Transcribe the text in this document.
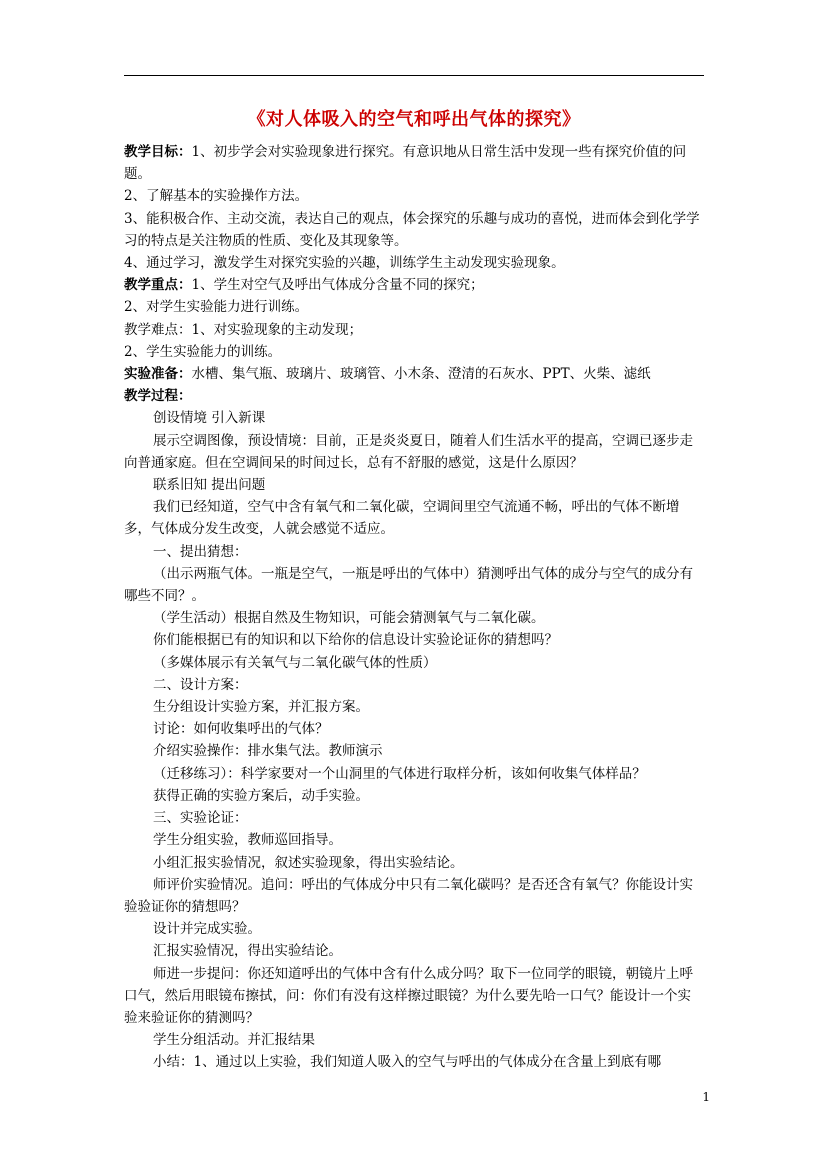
《对人体吸入的空气和呼出气体的探究》

教学目标：1、初步学会对实验现象进行探究。有意识地从日常生活中发现一些有探究价值的问题。

2、了解基本的实验操作方法。

3、能积极合作、主动交流，表达自己的观点，体会探究的乐趣与成功的喜悦，进而体会到化学学习的特点是关注物质的性质、变化及其现象等。

4、通过学习，激发学生对探究实验的兴趣，训练学生主动发现实验现象。

教学重点：1、学生对空气及呼出气体成分含量不同的探究；

2、对学生实验能力进行训练。

教学难点：1、对实验现象的主动发现；

2、学生实验能力的训练。

实验准备：水槽、集气瓶、玻璃片、玻璃管、小木条、澄清的石灰水、PPT、火柴、滤纸

教学过程：

创设情境 引入新课

展示空调图像，预设情境：目前，正是炎炎夏日，随着人们生活水平的提高，空调已逐步走向普通家庭。但在空调间呆的时间过长，总有不舒服的感觉，这是什么原因？

联系旧知 提出问题

我们已经知道，空气中含有氧气和二氧化碳，空调间里空气流通不畅，呼出的气体不断增多，气体成分发生改变，人就会感觉不适应。

一、提出猜想：

（出示两瓶气体。一瓶是空气，一瓶是呼出的气体中）猜测呼出气体的成分与空气的成分有哪些不同？。

（学生活动）根据自然及生物知识，可能会猜测氧气与二氧化碳。

你们能根据已有的知识和以下给你的信息设计实验论证你的猜想吗？

（多媒体展示有关氧气与二氧化碳气体的性质）

二、设计方案：

生分组设计实验方案，并汇报方案。

讨论：如何收集呼出的气体？

介绍实验操作：排水集气法。教师演示

（迁移练习）：科学家要对一个山洞里的气体进行取样分析，该如何收集气体样品？

获得正确的实验方案后，动手实验。

三、实验论证：

学生分组实验，教师巡回指导。

小组汇报实验情况，叙述实验现象，得出实验结论。

师评价实验情况。追问：呼出的气体成分中只有二氧化碳吗？是否还含有氧气？你能设计实验验证你的猜想吗？

设计并完成实验。

汇报实验情况，得出实验结论。

师进一步提问：你还知道呼出的气体中含有什么成分吗？取下一位同学的眼镜，朝镜片上呼口气，然后用眼镜布擦拭，问：你们有没有这样擦过眼镜？为什么要先哈一口气？能设计一个实验来验证你的猜测吗？

学生分组活动。并汇报结果

小结：1、通过以上实验，我们知道人吸入的空气与呼出的气体成分在含量上到底有哪

1
